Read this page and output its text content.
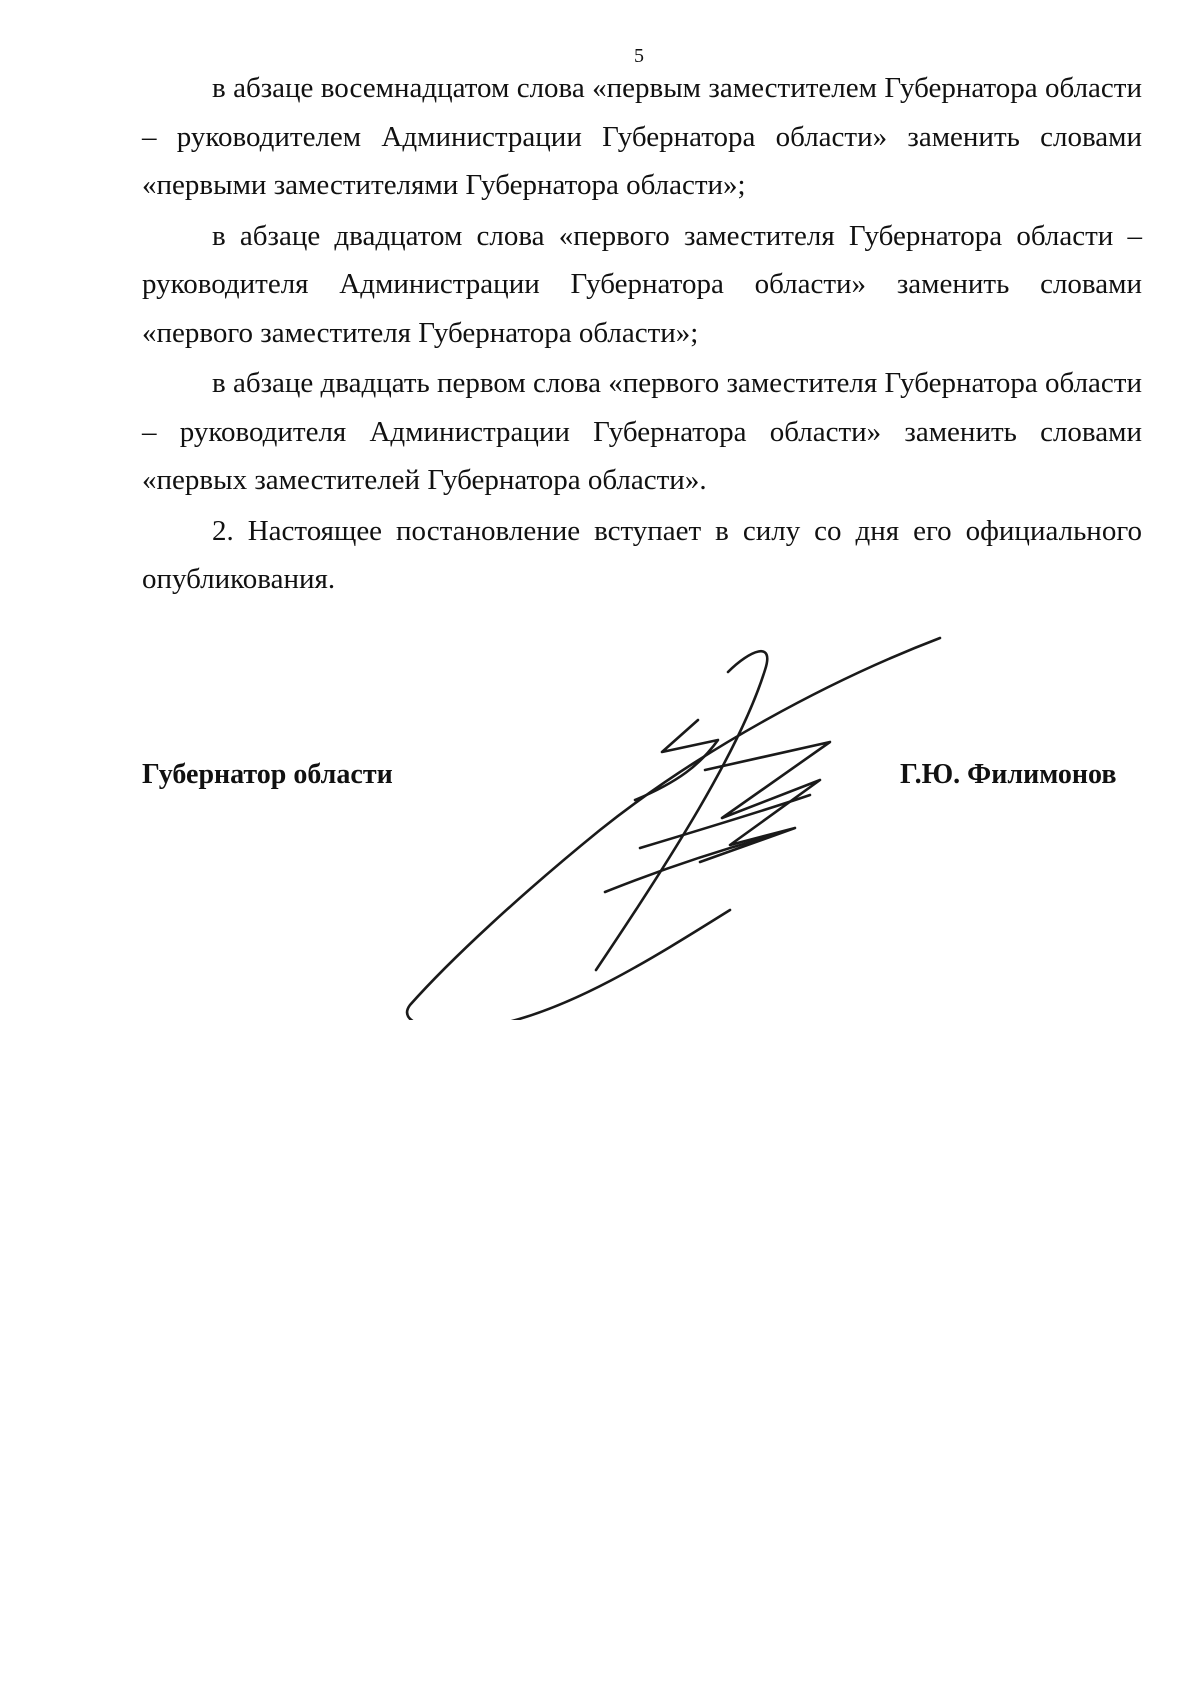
5

в абзаце восемнадцатом слова «первым заместителем Губернатора области – руководителем Администрации Губернатора области» заменить словами «первыми заместителями Губернатора области»;

в абзаце двадцатом слова «первого заместителя Губернатора области – руководителя Администрации Губернатора области» заменить словами «первого заместителя Губернатора области»;

в абзаце двадцать первом слова «первого заместителя Губернатора области – руководителя Администрации Губернатора области» заменить словами «первых заместителей Губернатора области».

2. Настоящее постановление вступает в силу со дня его официального опубликования.

Губернатор области	Г.Ю. Филимонов
